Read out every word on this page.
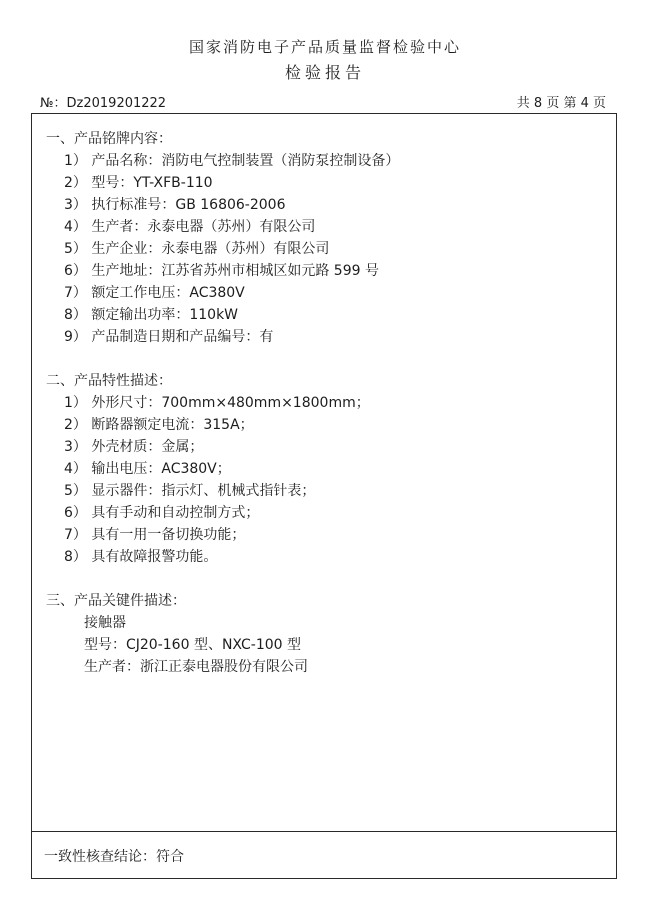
国家消防电子产品质量监督检验中心
检验报告
№：Dz2019201222	共 8 页 第 4 页
一、产品铭牌内容：
1） 产品名称：消防电气控制装置（消防泵控制设备）
2） 型号：YT-XFB-110
3） 执行标准号：GB 16806-2006
4） 生产者：永泰电器（苏州）有限公司
5） 生产企业：永泰电器（苏州）有限公司
6） 生产地址：江苏省苏州市相城区如元路 599 号
7） 额定工作电压：AC380V
8） 额定输出功率：110kW
9） 产品制造日期和产品编号：有
二、产品特性描述：
1） 外形尺寸：700mm×480mm×1800mm；
2） 断路器额定电流：315A；
3） 外壳材质：金属；
4） 输出电压：AC380V；
5） 显示器件：指示灯、机械式指针表；
6） 具有手动和自动控制方式；
7） 具有一用一备切换功能；
8） 具有故障报警功能。
三、产品关键件描述：
接触器
型号：CJ20-160 型、NXC-100 型
生产者：浙江正泰电器股份有限公司
一致性核查结论：符合
